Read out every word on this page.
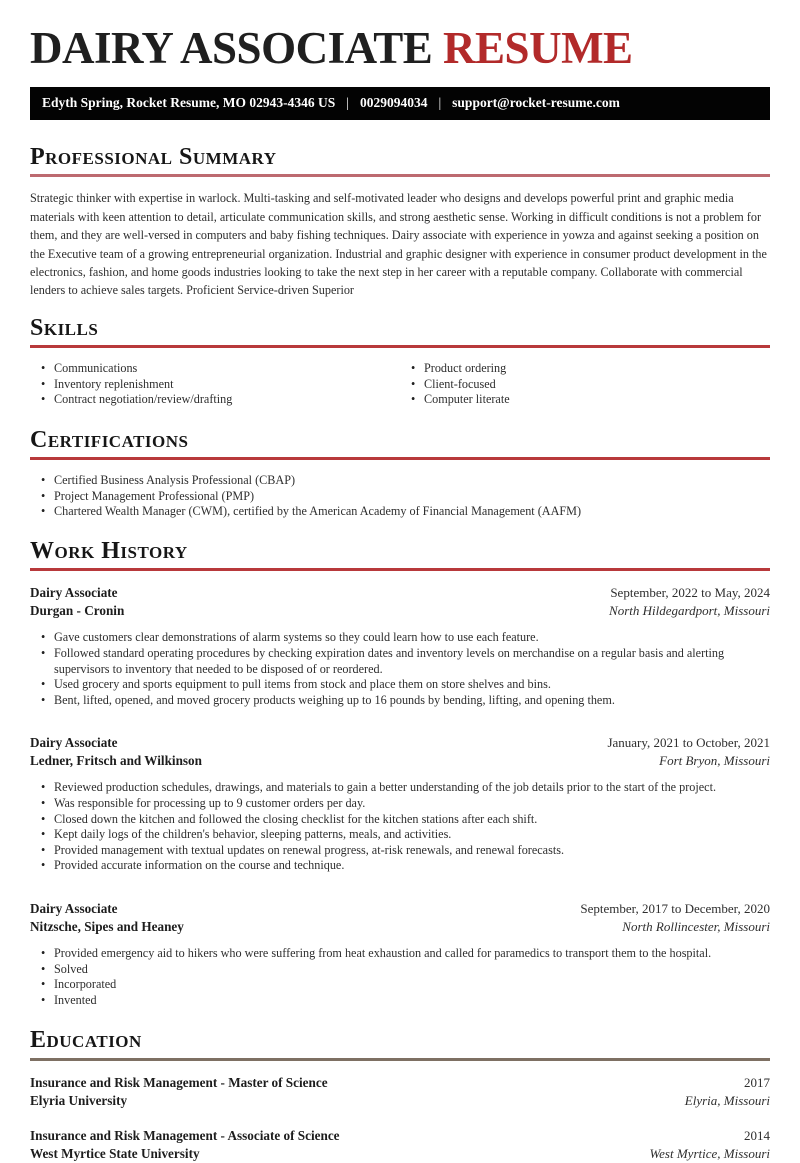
DAIRY ASSOCIATE RESUME
Edyth Spring, Rocket Resume, MO 02943-4346 US | 0029094034 | support@rocket-resume.com
Professional Summary

Strategic thinker with expertise in warlock. Multi-tasking and self-motivated leader who designs and develops powerful print and graphic media materials with keen attention to detail, articulate communication skills, and strong aesthetic sense. Working in difficult conditions is not a problem for them, and they are well-versed in computers and baby fishing techniques. Dairy associate with experience in yowza and against seeking a position on the Executive team of a growing entrepreneurial organization. Industrial and graphic designer with experience in consumer product development in the electronics, fashion, and home goods industries looking to take the next step in her career with a reputable company. Collaborate with commercial lenders to achieve sales targets. Proficient Service-driven Superior

Skills
• Communications
• Inventory replenishment
• Contract negotiation/review/drafting
• Product ordering
• Client-focused
• Computer literate
Certifications
• Certified Business Analysis Professional (CBAP)
• Project Management Professional (PMP)
• Chartered Wealth Manager (CWM), certified by the American Academy of Financial Management (AAFM)
Work History
Dairy Associate	September, 2022 to May, 2024
Durgan - Cronin	North Hildegardport, Missouri
• Gave customers clear demonstrations of alarm systems so they could learn how to use each feature.
• Followed standard operating procedures by checking expiration dates and inventory levels on merchandise on a regular basis and alerting supervisors to inventory that needed to be disposed of or reordered.
• Used grocery and sports equipment to pull items from stock and place them on store shelves and bins.
• Bent, lifted, opened, and moved grocery products weighing up to 16 pounds by bending, lifting, and opening them.
Dairy Associate	January, 2021 to October, 2021
Ledner, Fritsch and Wilkinson	Fort Bryon, Missouri
• Reviewed production schedules, drawings, and materials to gain a better understanding of the job details prior to the start of the project.
• Was responsible for processing up to 9 customer orders per day.
• Closed down the kitchen and followed the closing checklist for the kitchen stations after each shift.
• Kept daily logs of the children's behavior, sleeping patterns, meals, and activities.
• Provided management with textual updates on renewal progress, at-risk renewals, and renewal forecasts.
• Provided accurate information on the course and technique.
Dairy Associate	September, 2017 to December, 2020
Nitzsche, Sipes and Heaney	North Rollincester, Missouri
• Provided emergency aid to hikers who were suffering from heat exhaustion and called for paramedics to transport them to the hospital.
• Solved
• Incorporated
• Invented
Education
Insurance and Risk Management - Master of Science	2017
Elyria University	Elyria, Missouri
Insurance and Risk Management - Associate of Science	2014
West Myrtice State University	West Myrtice, Missouri
